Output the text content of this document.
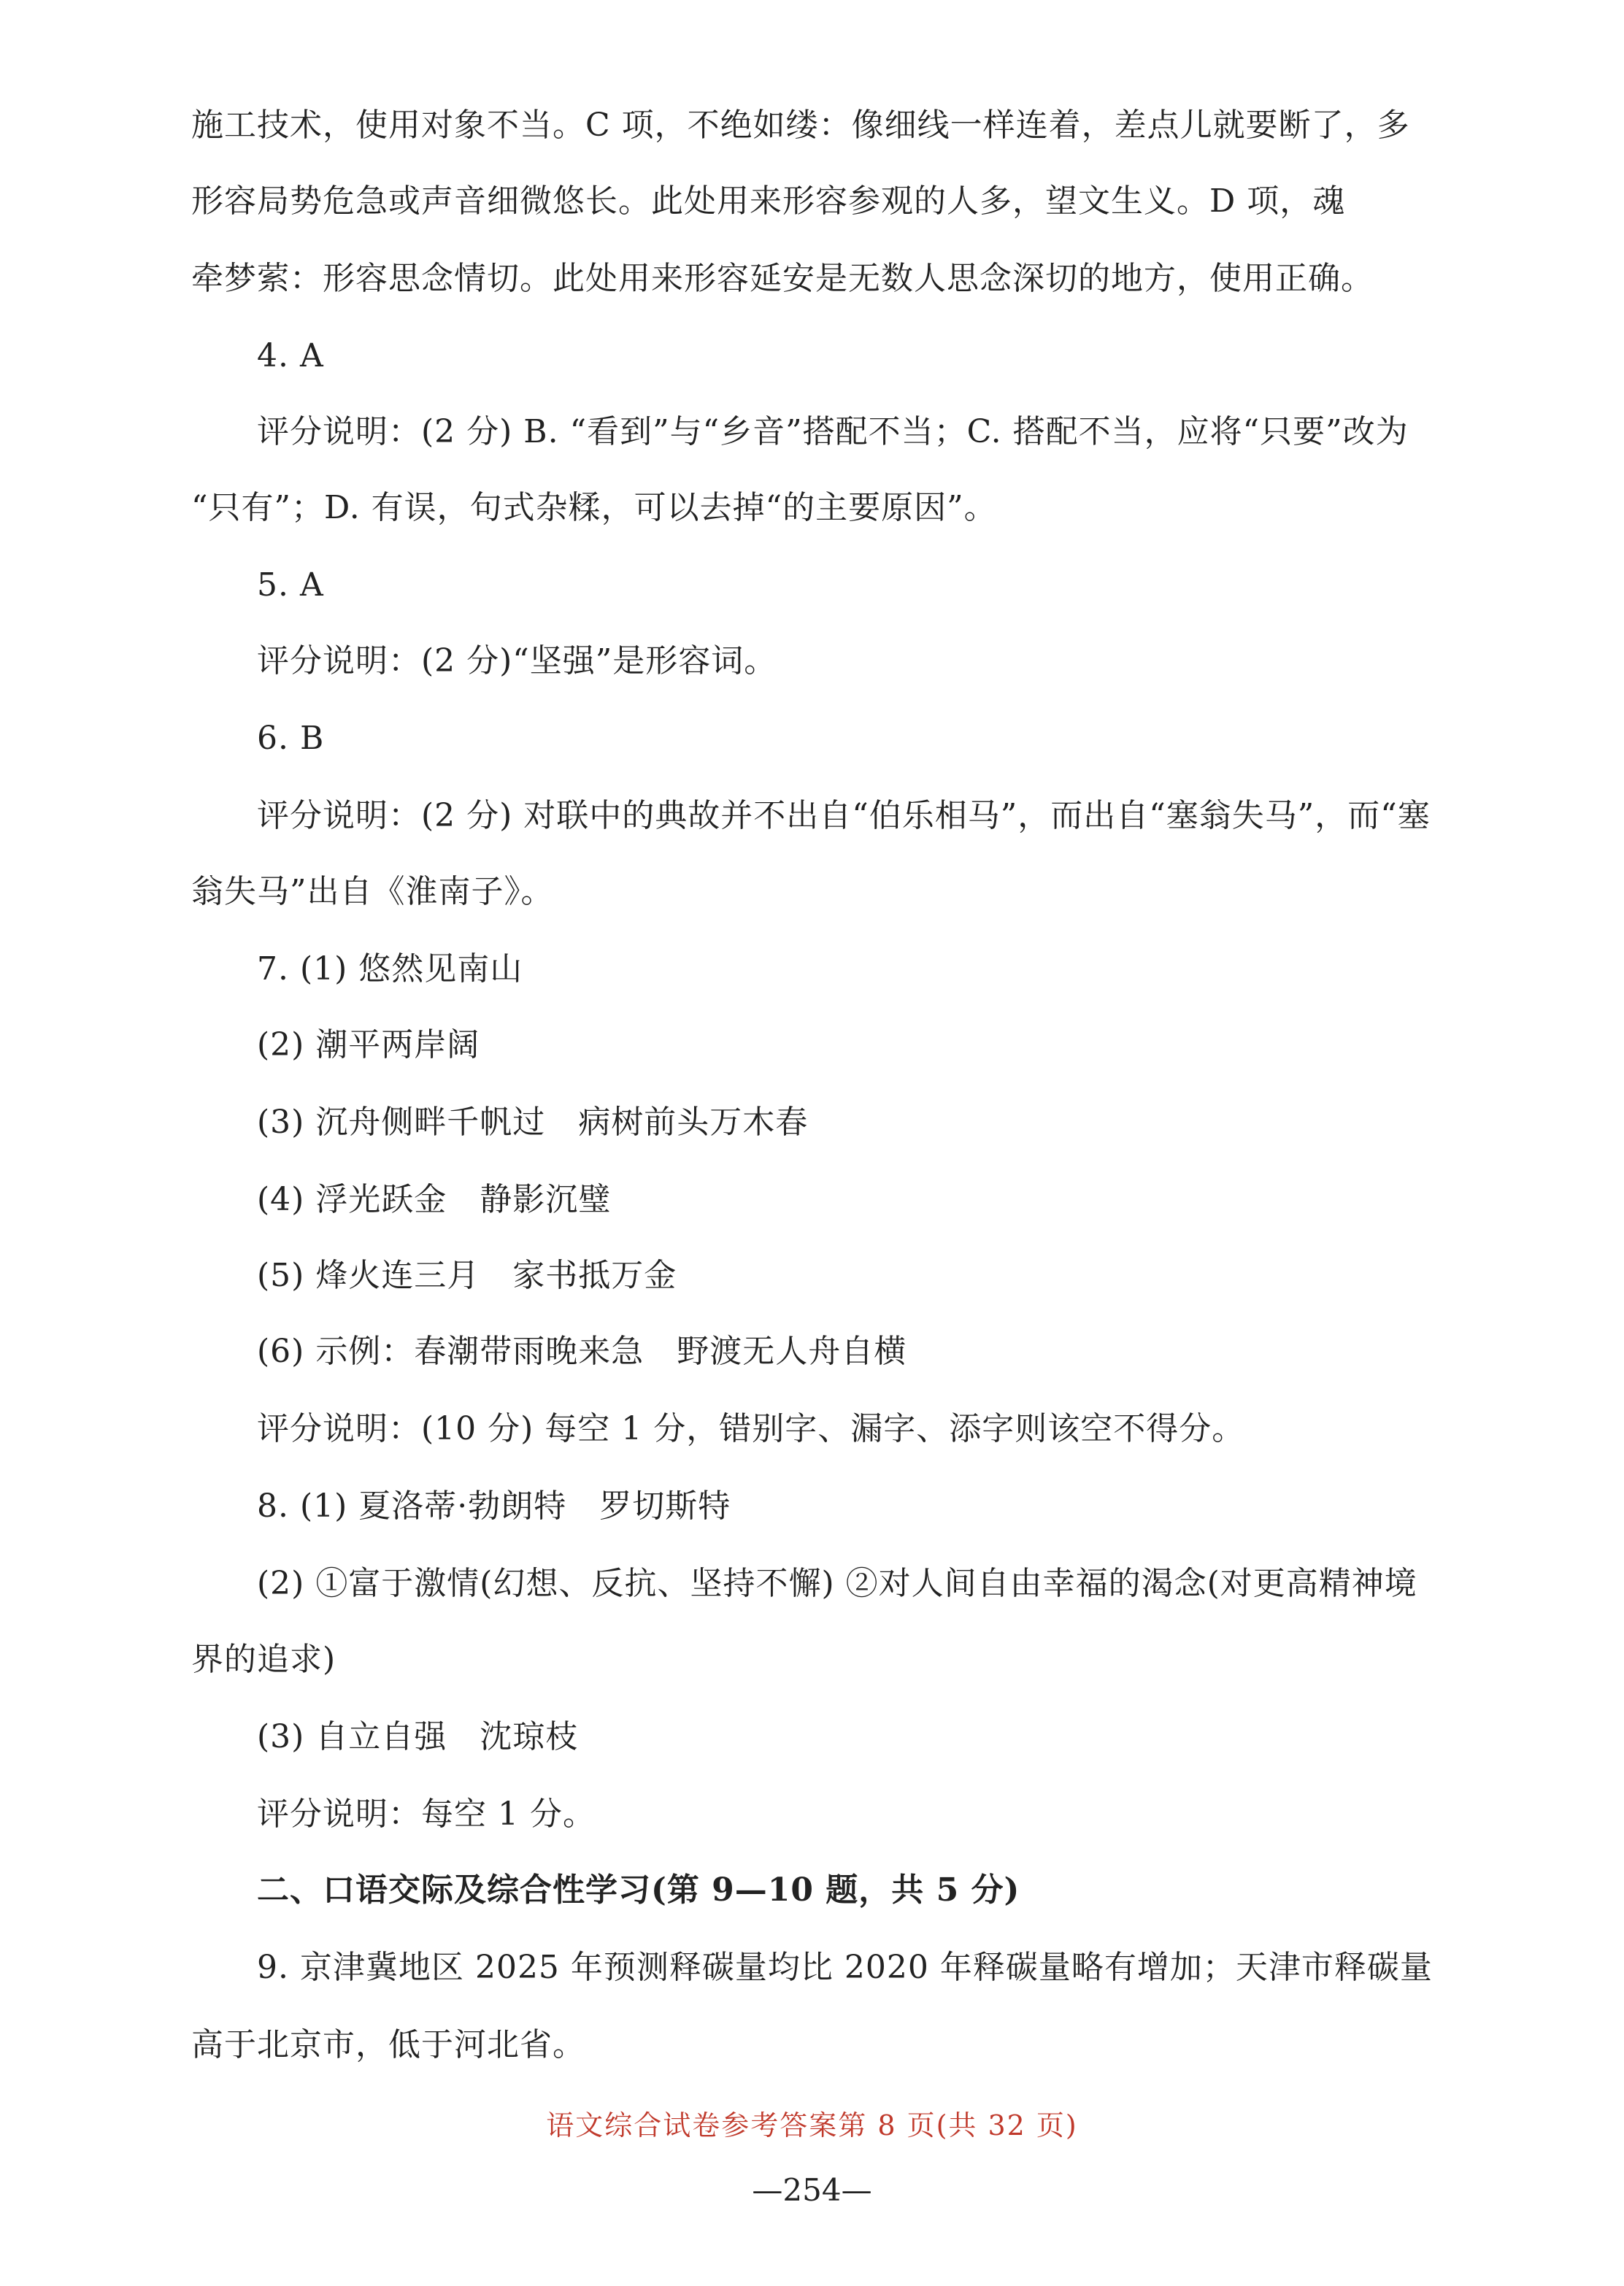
施工技术，使用对象不当。C 项，不绝如缕：像细线一样连着，差点儿就要断了，多
形容局势危急或声音细微悠长。此处用来形容参观的人多，望文生义。D 项，魂
牵梦萦：形容思念情切。此处用来形容延安是无数人思念深切的地方，使用正确。
4. A
评分说明：(2 分) B. “看到”与“乡音”搭配不当；C. 搭配不当，应将“只要”改为
“只有”；D. 有误，句式杂糅，可以去掉“的主要原因”。
5. A
评分说明：(2 分)“坚强”是形容词。
6. B
评分说明：(2 分) 对联中的典故并不出自“伯乐相马”，而出自“塞翁失马”，而“塞
翁失马”出自《淮南子》。
7. (1) 悠然见南山
(2) 潮平两岸阔
(3) 沉舟侧畔千帆过　病树前头万木春
(4) 浮光跃金　静影沉璧
(5) 烽火连三月　家书抵万金
(6) 示例：春潮带雨晚来急　野渡无人舟自横
评分说明：(10 分) 每空 1 分，错别字、漏字、添字则该空不得分。
8. (1) 夏洛蒂·勃朗特　罗切斯特
(2) ①富于激情(幻想、反抗、坚持不懈) ②对人间自由幸福的渴念(对更高精神境
界的追求)
(3) 自立自强　沈琼枝
评分说明：每空 1 分。
二、口语交际及综合性学习(第 9—10 题，共 5 分)
9. 京津冀地区 2025 年预测释碳量均比 2020 年释碳量略有增加；天津市释碳量
高于北京市，低于河北省。
语文综合试卷参考答案第 8 页(共 32 页)
—254—
